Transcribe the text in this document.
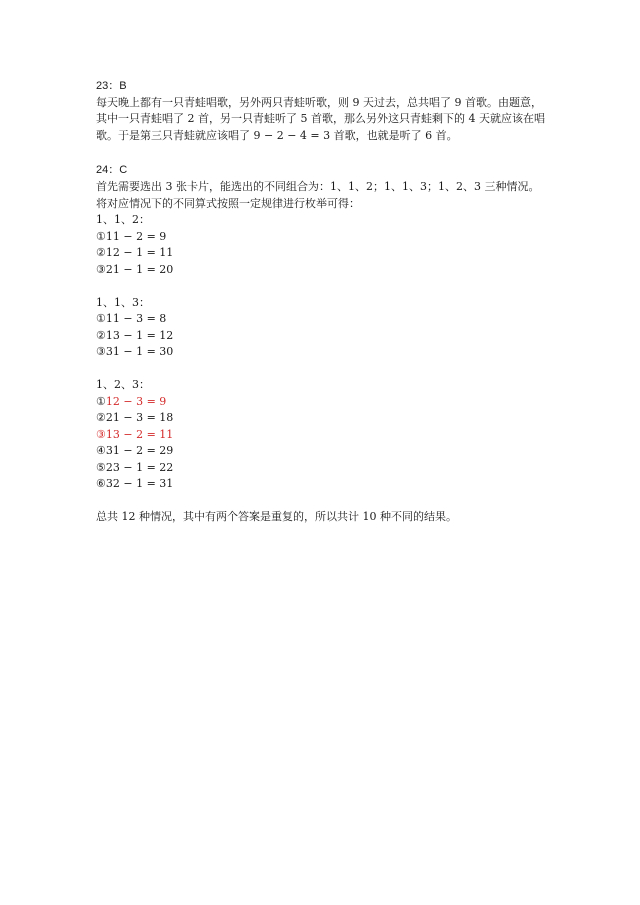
23：B
每天晚上都有一只青蛙唱歌，另外两只青蛙听歌，则 9 天过去，总共唱了 9 首歌。由题意，
其中一只青蛙唱了 2 首，另一只青蛙听了 5 首歌，那么另外这只青蛙剩下的 4 天就应该在唱
歌。于是第三只青蛙就应该唱了 9 − 2 − 4 = 3 首歌，也就是听了 6 首。
24：C
首先需要选出 3 张卡片，能选出的不同组合为：1、1、2；1、1、3；1、2、3 三种情况。
将对应情况下的不同算式按照一定规律进行枚举可得：
1、1、2：
①11 − 2 = 9
②12 − 1 = 11
③21 − 1 = 20
1、1、3：
①11 − 3 = 8
②13 − 1 = 12
③31 − 1 = 30
1、2、3：
①12 − 3 = 9
②21 − 3 = 18
③13 − 2 = 11
④31 − 2 = 29
⑤23 − 1 = 22
⑥32 − 1 = 31
总共 12 种情况，其中有两个答案是重复的，所以共计 10 种不同的结果。
